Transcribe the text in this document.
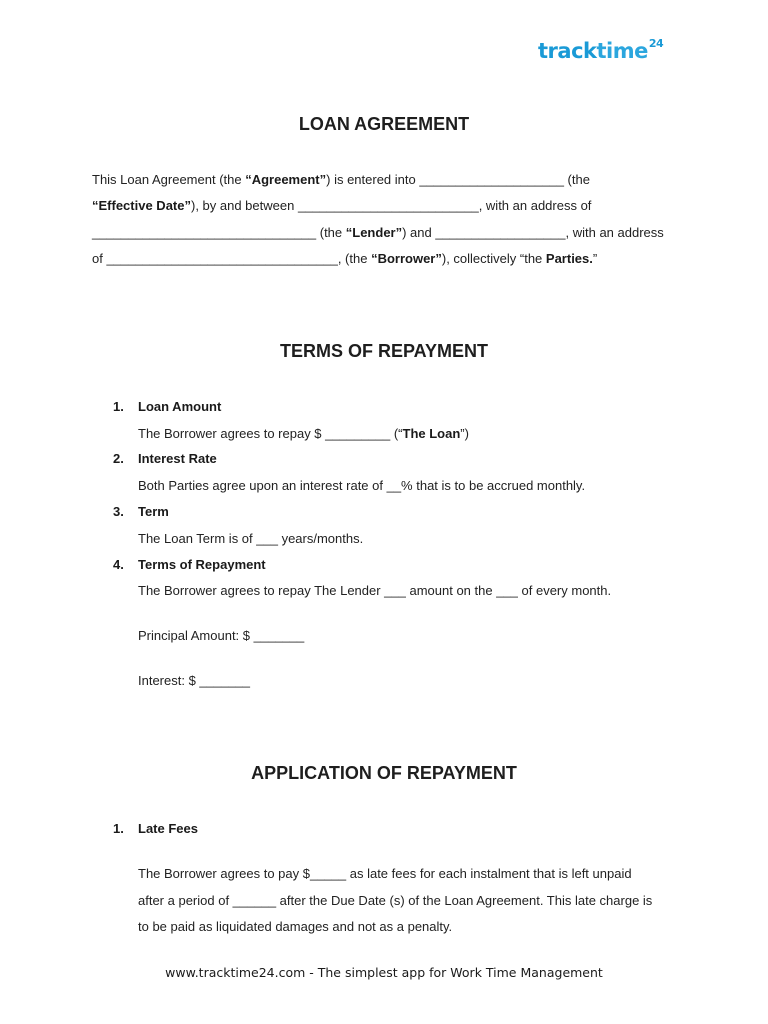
track time 24
LOAN AGREEMENT
This Loan Agreement (the “Agreement”) is entered into ____________________ (the
“Effective Date”), by and between _________________________, with an address of
_______________________________ (the “Lender”) and __________________, with an address
of ________________________________, (the “Borrower”), collectively “the Parties.”
TERMS OF REPAYMENT
1. Loan Amount
The Borrower agrees to repay $ _________ (“The Loan”)
2. Interest Rate
Both Parties agree upon an interest rate of __% that is to be accrued monthly.
3. Term
The Loan Term is of ___ years/months.
4. Terms of Repayment
The Borrower agrees to repay The Lender ___ amount on the ___ of every month.
Principal Amount: $ _______
Interest: $ _______
APPLICATION OF REPAYMENT
1. Late Fees
The Borrower agrees to pay $_____ as late fees for each instalment that is left unpaid
after a period of ______ after the Due Date (s) of the Loan Agreement. This late charge is
to be paid as liquidated damages and not as a penalty.
www.tracktime24.com - The simplest app for Work Time Management
